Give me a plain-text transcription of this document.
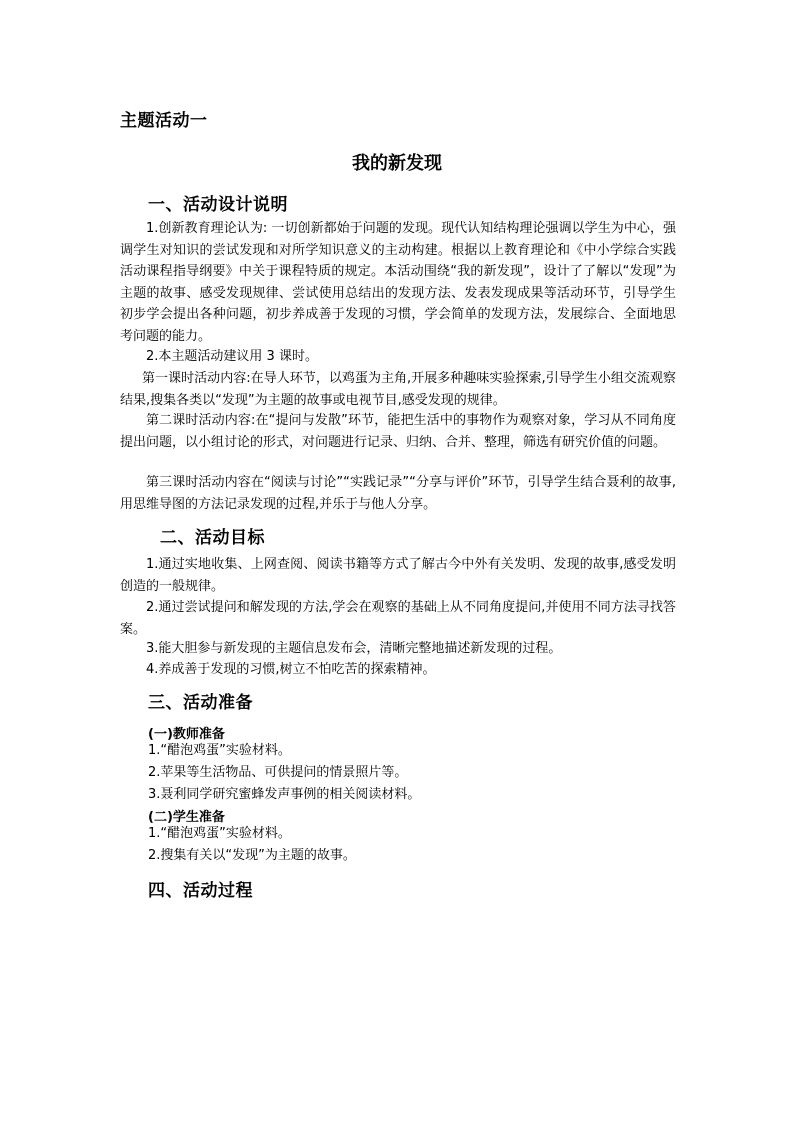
主题活动一
我的新发现
一、活动设计说明

1.创新教育理论认为: 一切创新都始于问题的发现。现代认知结构理论强调以学生为中心，强调学生对知识的尝试发现和对所学知识意义的主动构建。根据以上教育理论和《中小学综合实践活动课程指导纲要》中关于课程特质的规定。本活动围绕“我的新发现”，设计了了解以“发现”为主题的故事、感受发现规律、尝试使用总结出的发现方法、发表发现成果等活动环节，引导学生初步学会提出各种问题，初步养成善于发现的习惯，学会简单的发现方法，发展综合、全面地思考问题的能力。

2.本主题活动建议用 3 课时。

第一课时活动内容:在导人环节，以鸡蛋为主角,开展多种趣味实验探索,引导学生小组交流观察结果,搜集各类以“发现”为主题的故事或电视节目,感受发现的规律。

第二课时活动内容:在“提问与发散”环节，能把生活中的事物作为观察对象，学习从不同角度提出问题，以小组讨论的形式，对问题进行记录、归纳、合并、整理，筛选有研究价值的问题。

第三课时活动内容在“阅读与讨论”“实践记录”“分享与评价”环节，引导学生结合聂利的故事,用思维导图的方法记录发现的过程,并乐于与他人分享。

二、活动目标

1.通过实地收集、上网查阅、阅读书籍等方式了解古今中外有关发明、发现的故事,感受发明创造的一般规律。

2.通过尝试提问和解发现的方法,学会在观察的基础上从不同角度提问,并使用不同方法寻找答案。

3.能大胆参与新发现的主题信息发布会，清晰完整地描述新发现的过程。

4.养成善于发现的习惯,树立不怕吃苦的探索精神。

三、活动准备
(一)教师准备
1.“醋泡鸡蛋”实验材料。
2.苹果等生活物品、可供提问的情景照片等。
3.聂利同学研究蜜蜂发声事例的相关阅读材料。
(二)学生准备
1.“醋泡鸡蛋”实验材料。
2.搜集有关以“发现”为主题的故事。
四、活动过程
